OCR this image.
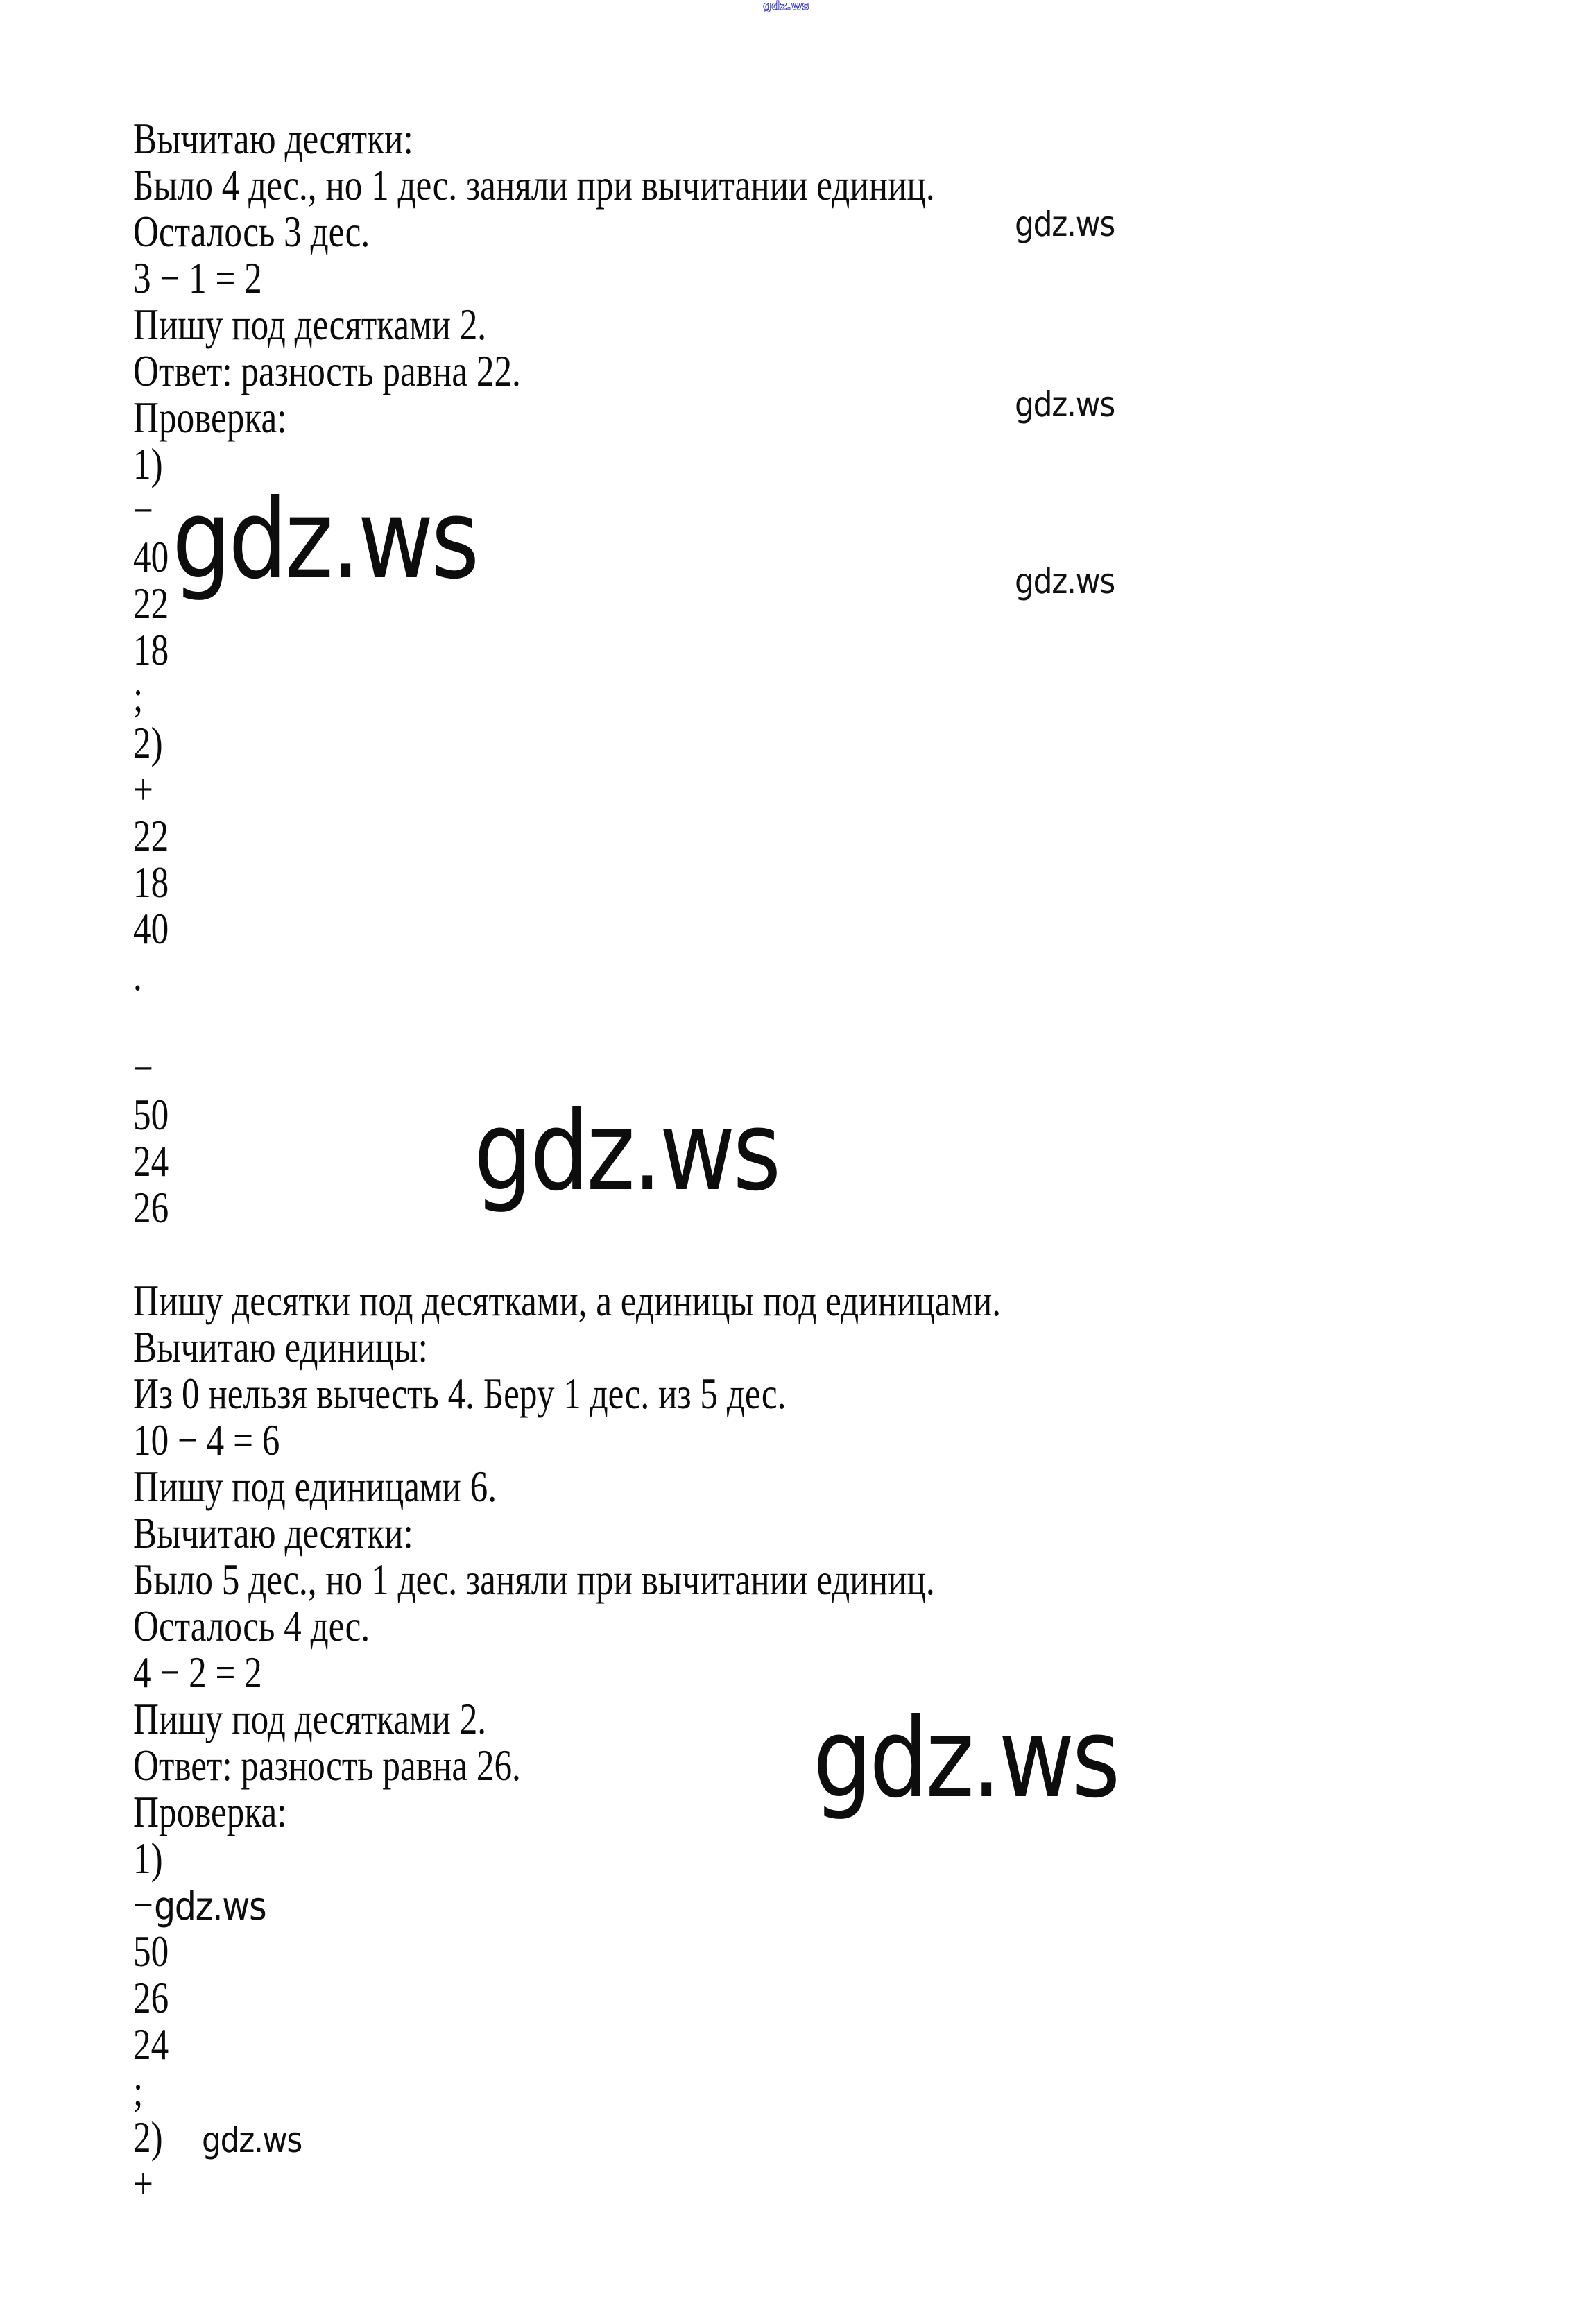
gdz.ws
Вычитаю десятки:
Было 4 дес., но 1 дес. заняли при вычитании единиц.
Осталось 3 дес.
3 − 1 = 2
Пишу под десятками 2.
Ответ: разность равна 22.
Проверка:
1)
−
40
22
18
;
2)
+
22
18
40
.
−
50
24
26
Пишу десятки под десятками, а единицы под единицами.
Вычитаю единицы:
Из 0 нельзя вычесть 4. Беру 1 дес. из 5 дес.
10 − 4 = 6
Пишу под единицами 6.
Вычитаю десятки:
Было 5 дес., но 1 дес. заняли при вычитании единиц.
Осталось 4 дес.
4 − 2 = 2
Пишу под десятками 2.
Ответ: разность равна 26.
Проверка:
1)
−gdz.ws
50
26
24
;
2) gdz.ws
+
gdz.ws
gdz.ws
gdz.ws
gdz.ws
gdz.ws
gdz.ws
